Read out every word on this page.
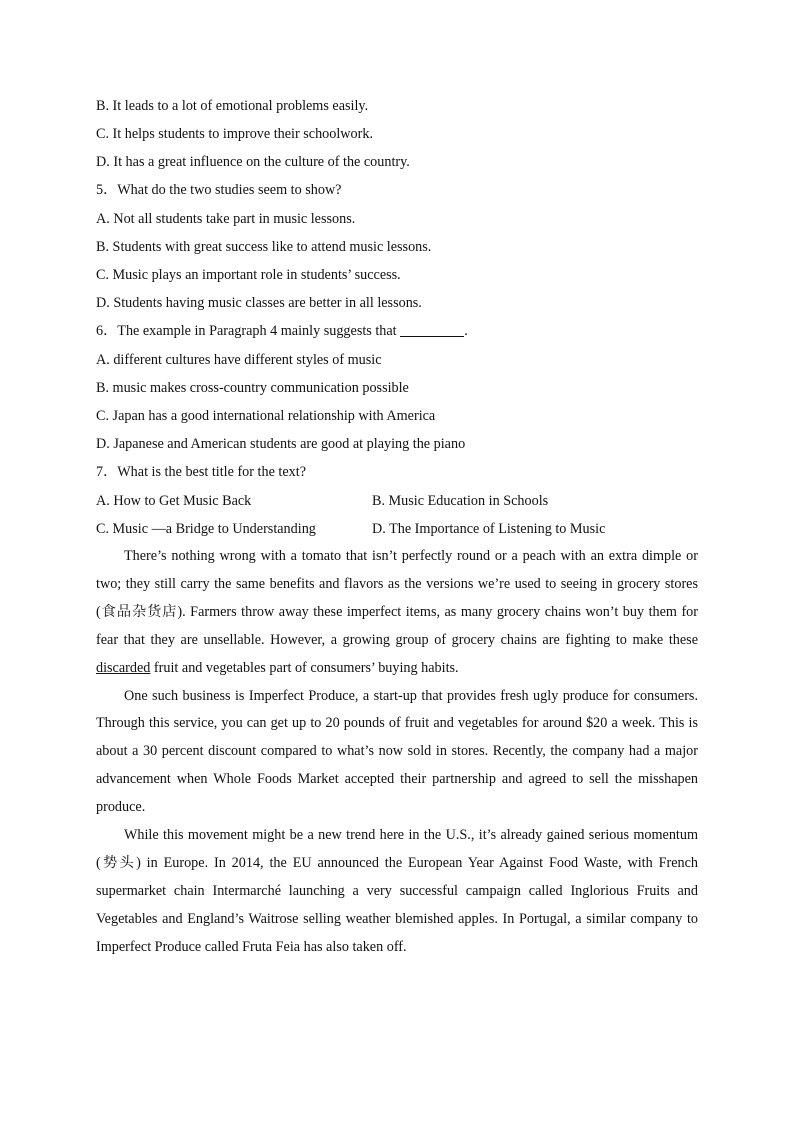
B. It leads to a lot of emotional problems easily.
C. It helps students to improve their schoolwork.
D. It has a great influence on the culture of the country.
5．What do the two studies seem to show?
A. Not all students take part in music lessons.
B. Students with great success like to attend music lessons.
C. Music plays an important role in students’ success.
D. Students having music classes are better in all lessons.
6．The example in Paragraph 4 mainly suggests that	.
A. different cultures have different styles of music
B. music makes cross-country communication possible
C. Japan has a good international relationship with America
D. Japanese and American students are good at playing the piano
7．What is the best title for the text?
A. How to Get Music Back	B. Music Education in Schools
C. Music —a Bridge to Understanding	D. The Importance of Listening to Music

There’s nothing wrong with a tomato that isn’t perfectly round or a peach with an extra dimple or two; they still carry the same benefits and flavors as the versions we’re used to seeing in grocery stores (食品杂货店). Farmers throw away these imperfect items, as many grocery chains won’t buy them for fear that they are unsellable. However, a growing group of grocery chains are fighting to make these discarded fruit and vegetables part of consumers’ buying habits.

One such business is Imperfect Produce, a start-up that provides fresh ugly produce for consumers. Through this service, you can get up to 20 pounds of fruit and vegetables for around $20 a week. This is about a 30 percent discount compared to what’s now sold in stores. Recently, the company had a major advancement when Whole Foods Market accepted their partnership and agreed to sell the misshapen produce.

While this movement might be a new trend here in the U.S., it’s already gained serious momentum (势头) in Europe. In 2014, the EU announced the European Year Against Food Waste, with French supermarket chain Intermarché launching a very successful campaign called Inglorious Fruits and Vegetables and England’s Waitrose selling weather blemished apples. In Portugal, a similar company to Imperfect Produce called Fruta Feia has also taken off.
